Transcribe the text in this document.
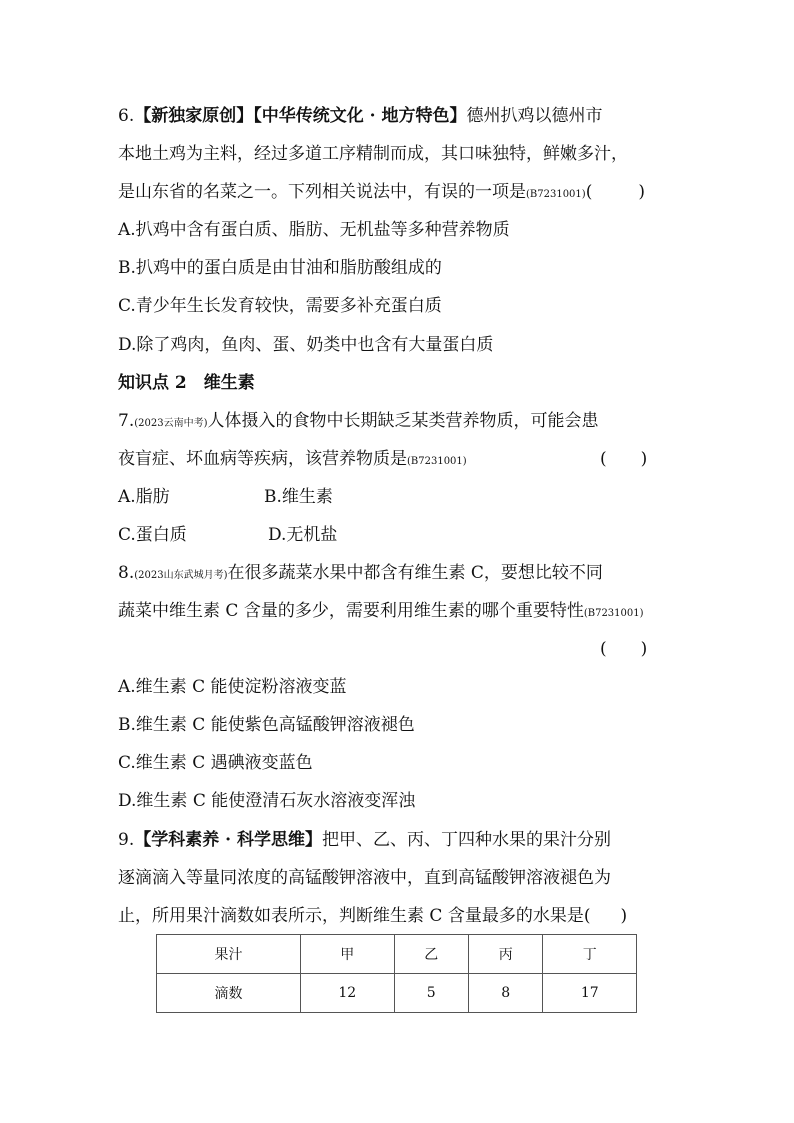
6.【新独家原创】【中华传统文化 · 地方特色】德州扒鸡以德州市
本地土鸡为主料，经过多道工序精制而成，其口味独特，鲜嫩多汁，
是山东省的名菜之一。下列相关说法中，有误的一项是(B7231001)(	)
A.扒鸡中含有蛋白质、脂肪、无机盐等多种营养物质
B.扒鸡中的蛋白质是由甘油和脂肪酸组成的
C.青少年生长发育较快，需要多补充蛋白质
D.除了鸡肉，鱼肉、蛋、奶类中也含有大量蛋白质
知识点 2　维生素
7.(2023云南中考)人体摄入的食物中长期缺乏某类营养物质，可能会患
夜盲症、坏血病等疾病，该营养物质是(B7231001)	(　　)
A.脂肪	B.维生素
C.蛋白质	D.无机盐
8.(2023山东武城月考)在很多蔬菜水果中都含有维生素 C，要想比较不同
蔬菜中维生素 C 含量的多少，需要利用维生素的哪个重要特性(B7231001)
(　　)
A.维生素 C 能使淀粉溶液变蓝
B.维生素 C 能使紫色高锰酸钾溶液褪色
C.维生素 C 遇碘液变蓝色
D.维生素 C 能使澄清石灰水溶液变浑浊
9.【学科素养 · 科学思维】把甲、乙、丙、丁四种水果的果汁分别
逐滴滴入等量同浓度的高锰酸钾溶液中，直到高锰酸钾溶液褪色为
止，所用果汁滴数如表所示，判断维生素 C 含量最多的水果是( )
果汁	甲	乙	丙	丁
滴数	12	5	8	17
